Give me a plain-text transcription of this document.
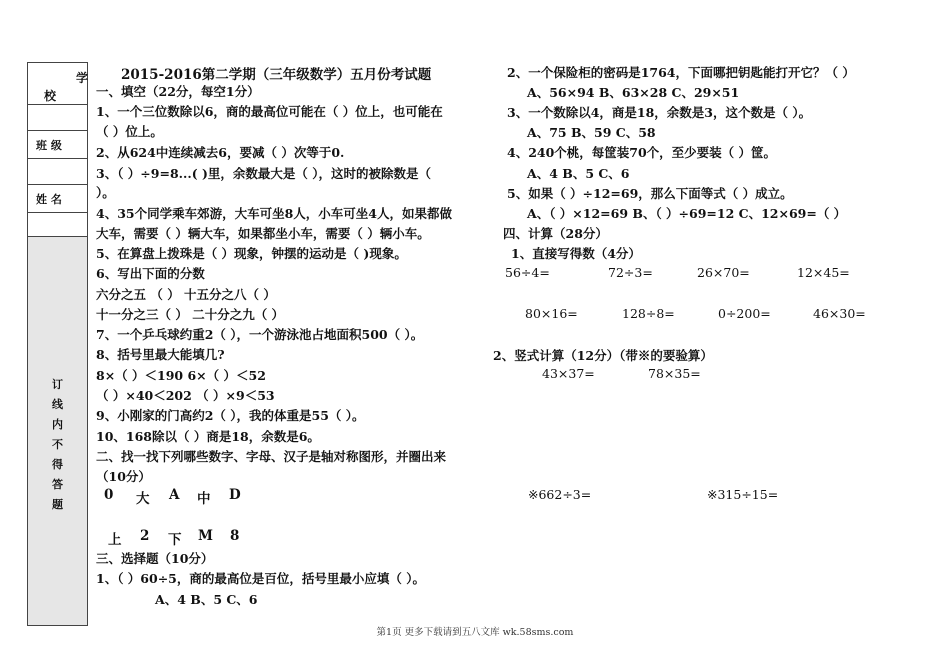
学
校
班 级
姓 名
订
线
内
不
得
答
题
2015-2016第二学期（三年级数学）五月份考试题
一、填空（22分，每空1分）
1、一个三位数除以6，商的最高位可能在（ ）位上，也可能在
（ ）位上。
2、从624中连续减去6，要减（ ）次等于0.
3、（ ）÷9=8...( )里，余数最大是（ ），这时的被除数是（
）。
4、35个同学乘车郊游，大车可坐8人，小车可坐4人，如果都做
大车，需要（ ）辆大车，如果都坐小车，需要（ ）辆小车。
5、在算盘上拨珠是（ ）现象，钟摆的运动是（ )现象。
6、写出下面的分数
六分之五 （ ） 十五分之八（ ）
十一分之三（ ） 二十分之九（ ）
7、一个乒乓球约重2（ ），一个游泳池占地面积500（ ）。
8、括号里最大能填几?
8×（ ）＜190 6×（ ）＜52
（ ）×40＜202 （ ）×9＜53
9、小刚家的门高约2（ ），我的体重是55（ ）。
10、168除以（ ）商是18，余数是6。
二、找一找下列哪些数字、字母、汉子是轴对称图形，并圈出来
（10分）
0 大 A 中 D
上 2 下 M 8
三、选择题（10分）
1、（ ）60÷5，商的最高位是百位，括号里最小应填（ ）。
A、4 B、5 C、6
2、一个保险柜的密码是1764，下面哪把钥匙能打开它？（ ）
A、56×94 B、63×28 C、29×51
3、一个数除以4，商是18，余数是3，这个数是（ ）。
A、75 B、59 C、58
4、240个桃，每筐装70个，至少要装（ ）筐。
A、4 B、5 C、6
5、如果（ ）÷12=69，那么下面等式（ ）成立。
A、（ ）×12=69 B、（ ）÷69=12 C、12×69=（ ）
四、计算（28分）
1、直接写得数（4分）
56÷4=	72÷3=	26×70=	12×45=
80×16=	128÷8=	0÷200=	46×30=
2、竖式计算（12分）（带※的要验算）
43×37=	78×35=
※662÷3=	※315÷15=
第1页 更多下载请到五八文库 wk.58sms.com
